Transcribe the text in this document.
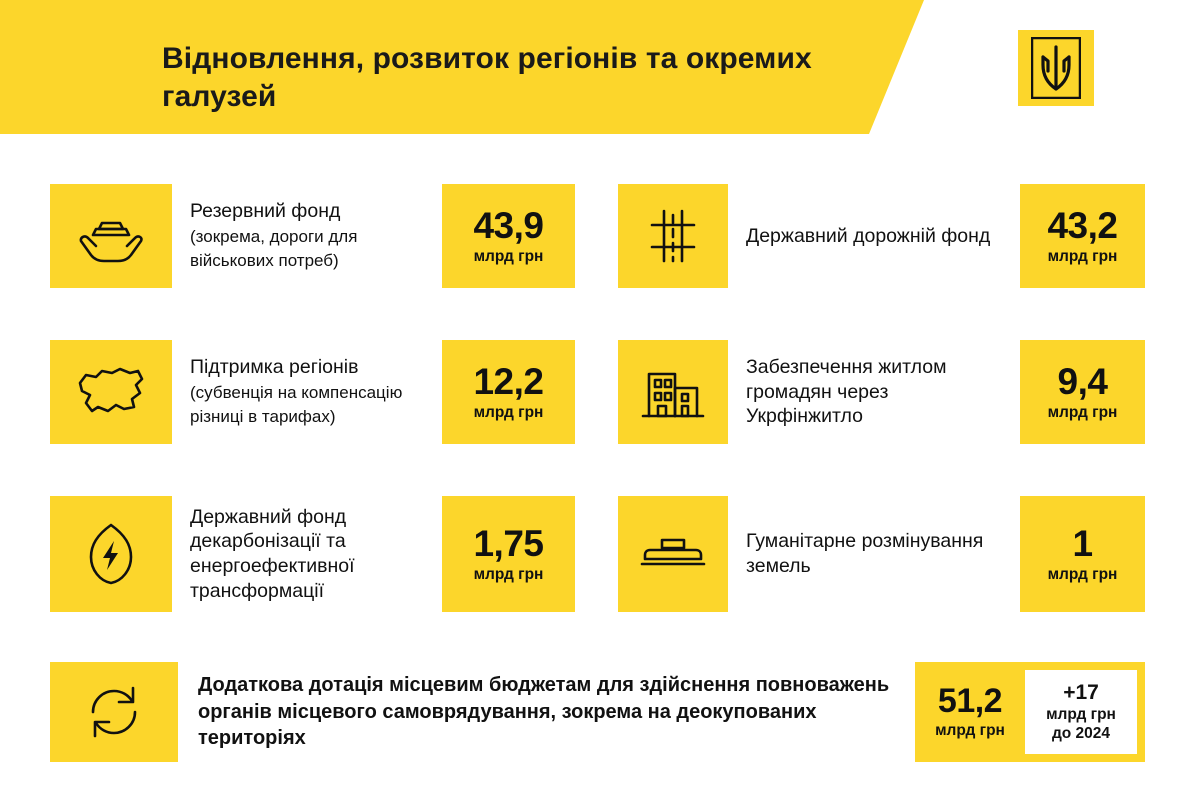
Відновлення, розвиток регіонів та окремих галузей
Резервний фонд
(зокрема, дороги для військових потреб)
43,9
млрд грн
Державний дорожній фонд 43,2
млрд грн
Підтримка регіонів
(субвенція на компенсацію різниці в тарифах)
12,2
млрд грн
Забезпечення житлом громадян через Укрфінжитло
9,4
млрд грн
Державний фонд декарбонізації та енергоефективної трансформації
1,75
млрд грн
Гуманітарне розмінування земель
1
млрд грн
Додаткова дотація місцевим бюджетам для здійснення повноважень органів місцевого самоврядування, зокрема на деокупованих територіях
51,2
млрд грн
+17
млрд грн
до 2024
